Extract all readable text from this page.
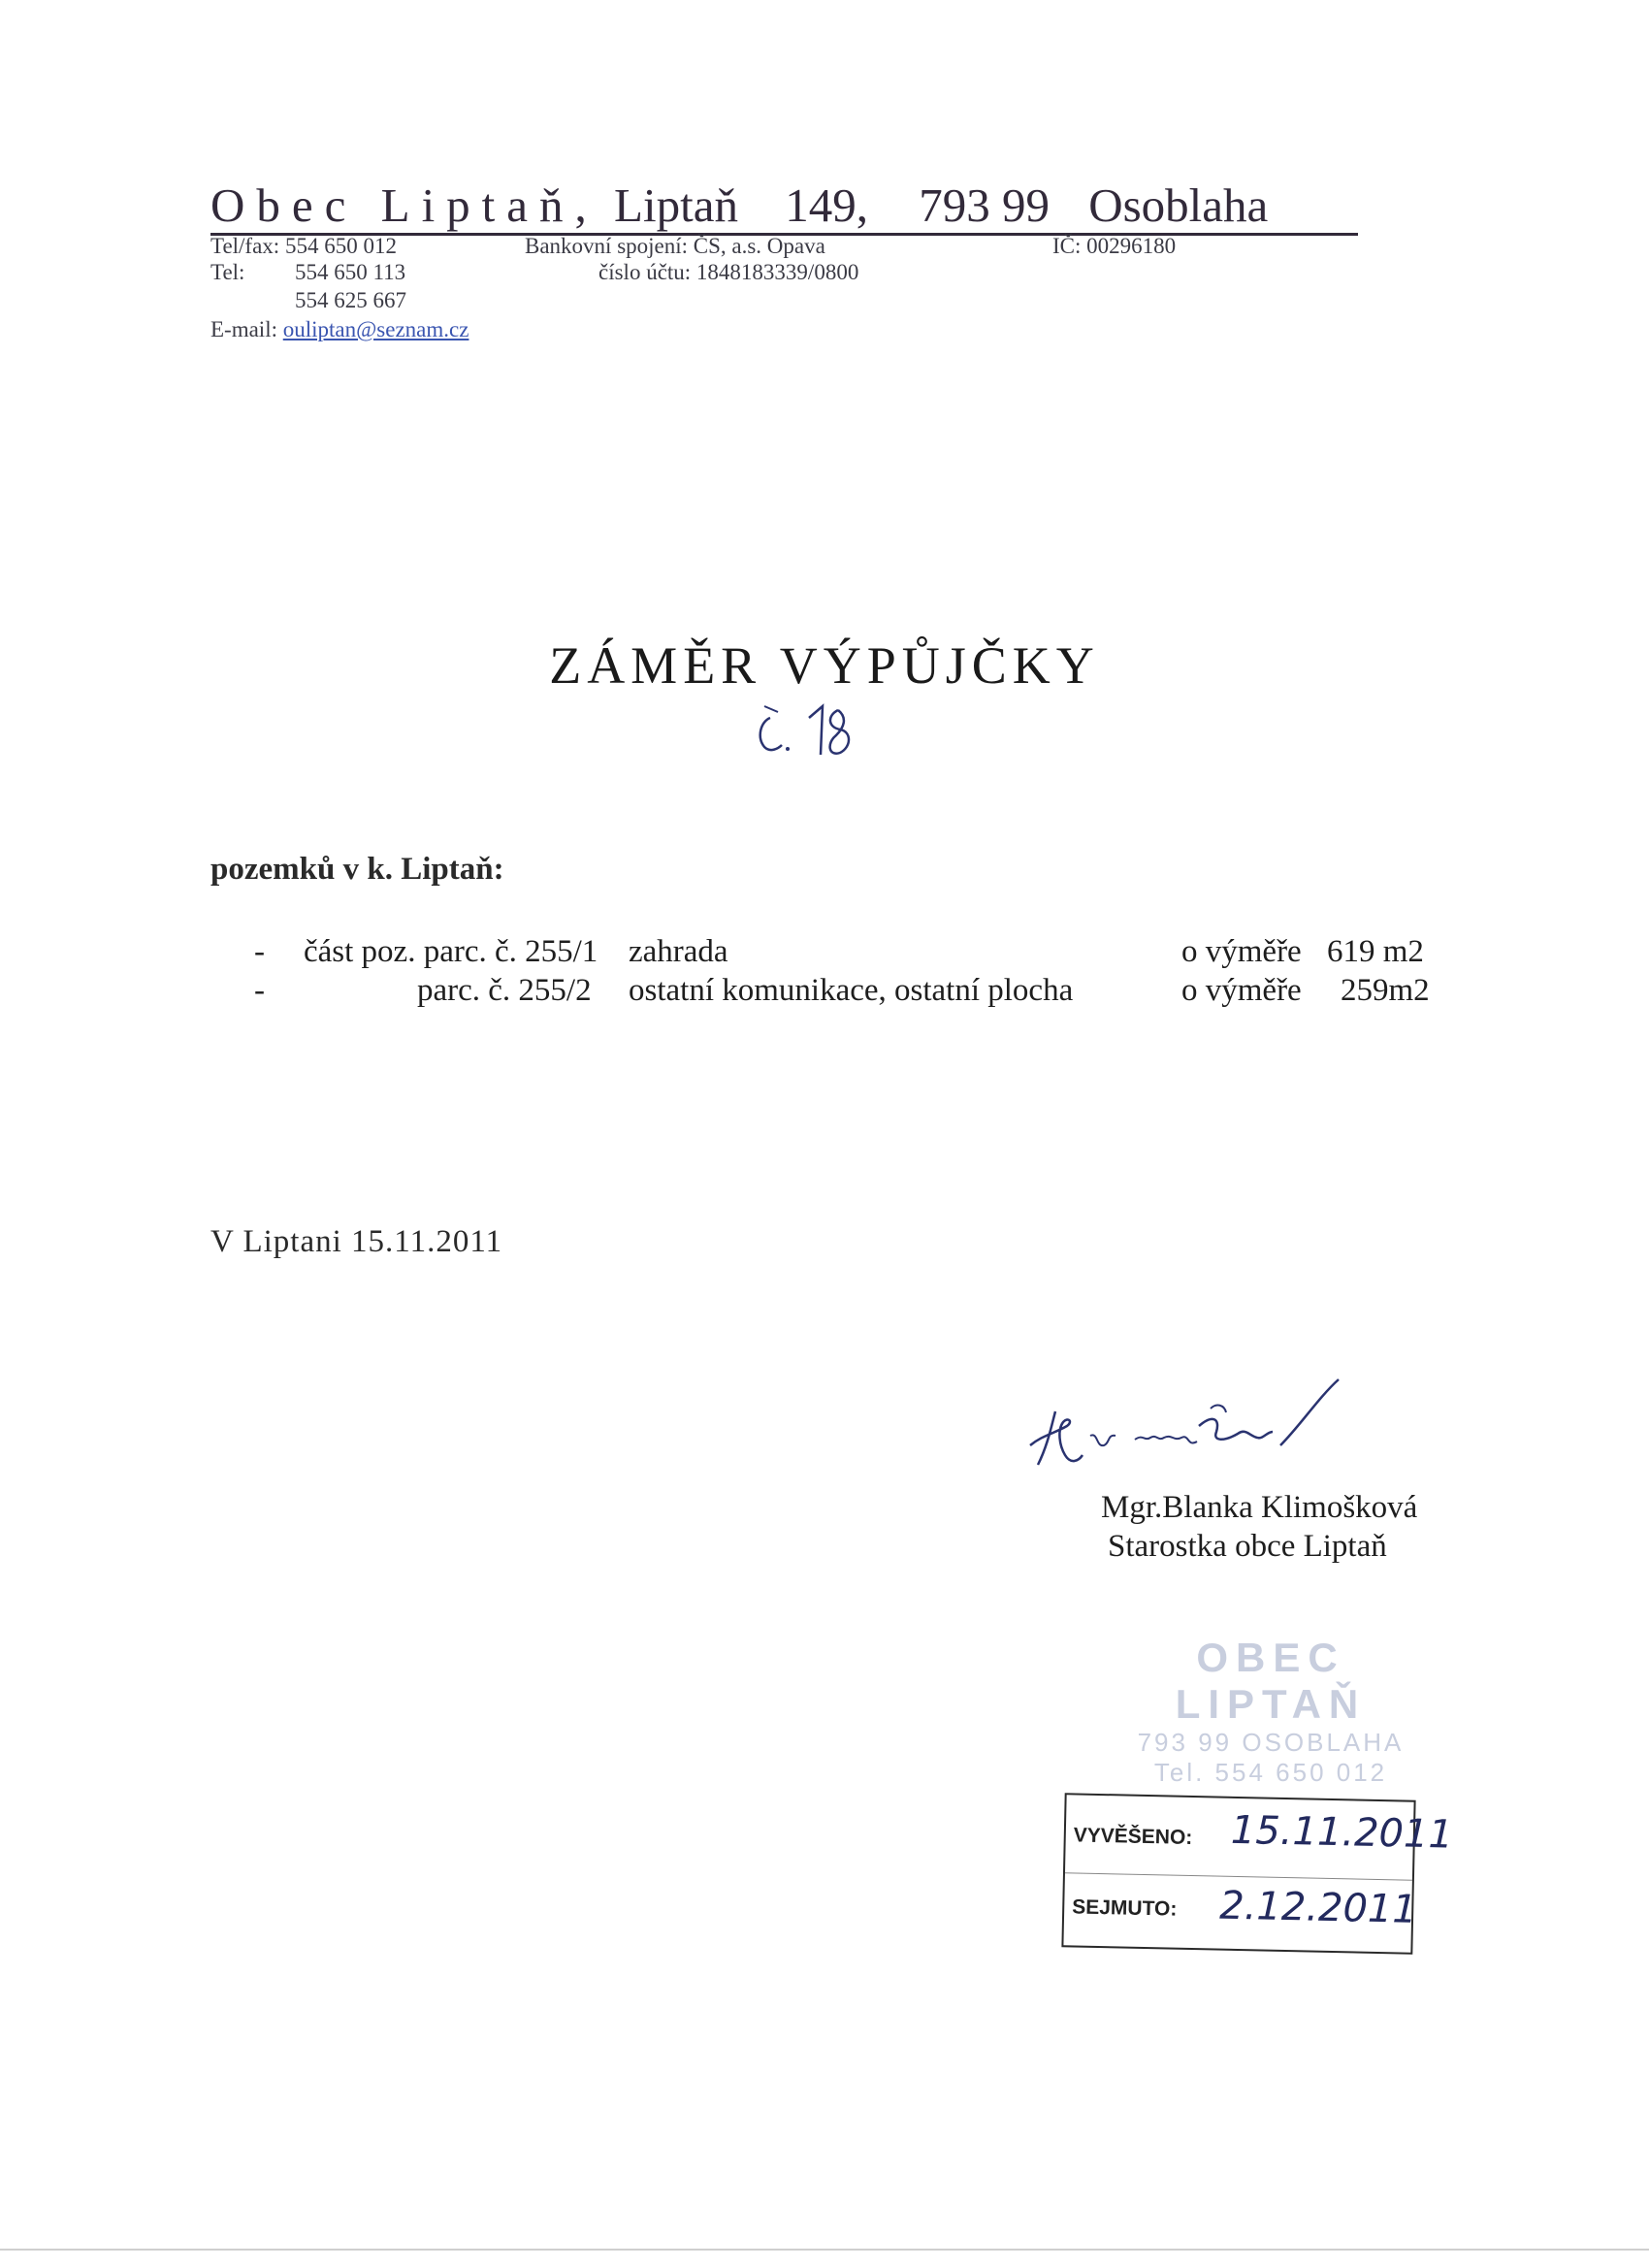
Obec Liptaň, Liptaň 149, 793 99 Osoblaha
Tel/fax: 554 650 012
Tel: 554 650 113
554 625 667
E-mail: ouliptan@seznam.cz
Bankovní spojení: ČS, a.s. Opava
číslo účtu: 1848183339/0800
IČ: 00296180
ZÁMĚR VÝPŮJČKY
pozemků v k. Liptaň:
- část poz. parc. č. 255/1 zahrada	o výměře 619 m2
-	parc. č. 255/2 ostatní komunikace, ostatní plocha	o výměře 259m2
V Liptani 15.11.2011
Mgr.Blanka Klimošková
Starostka obce Liptaň
OBEC LIPTAŇ
793 99 OSOBLAHA
Tel. 554 650 012
VYVĚŠENO: 15.11.2011
SEJMUTO: 2.12.2011
